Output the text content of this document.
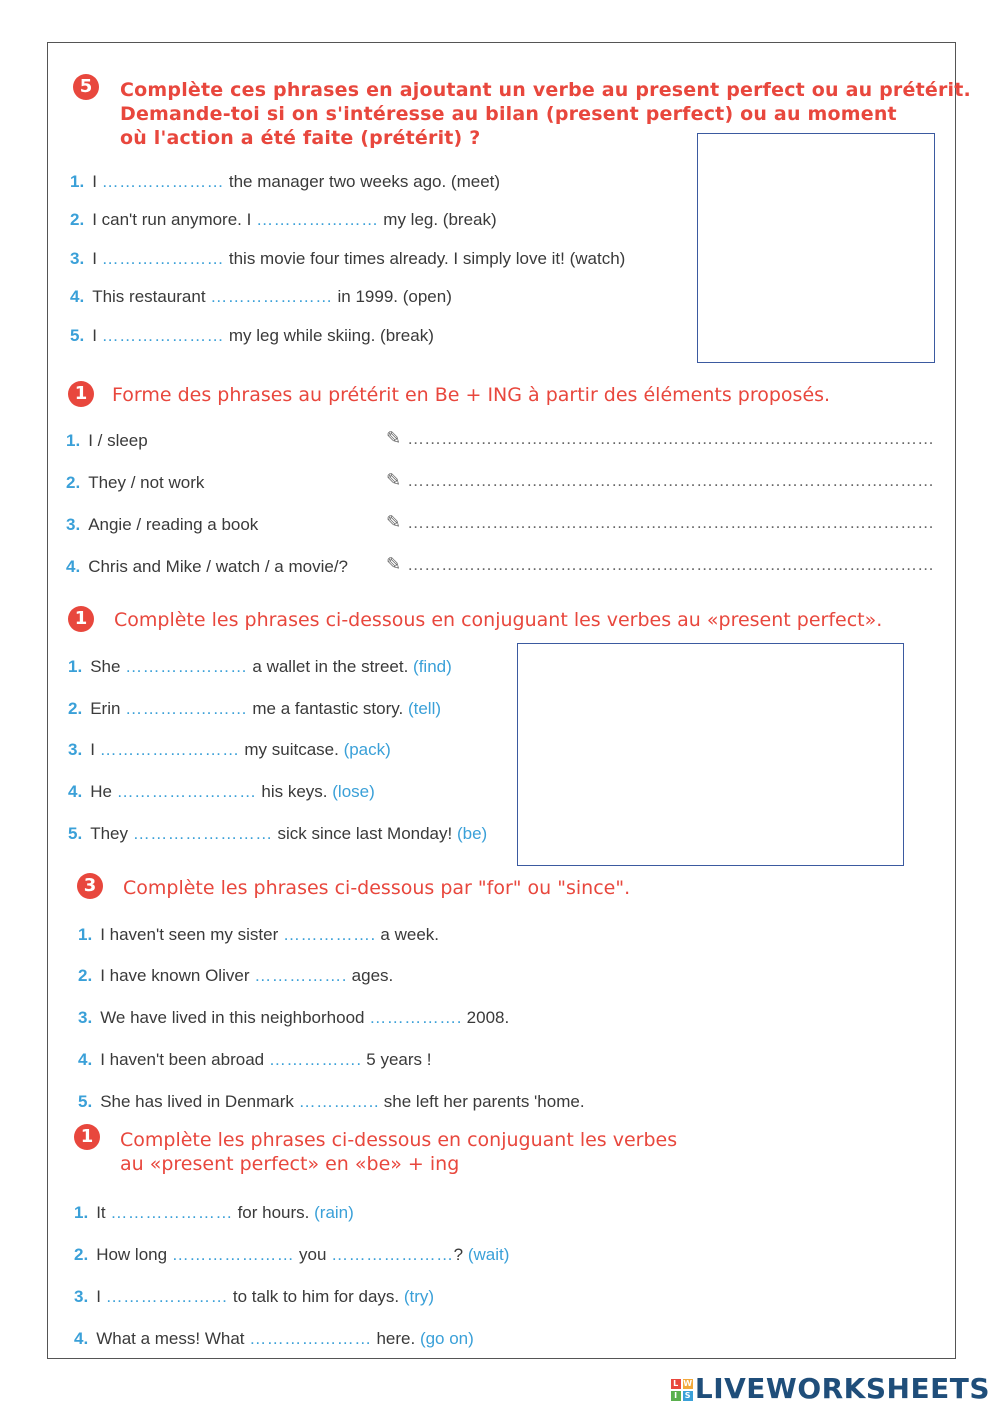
5	Complète ces phrases en ajoutant un verbe au present perfect ou au prétérit.
Demande-toi si on s'intéresse au bilan (present perfect) ou au moment
où l'action a été faite (prétérit) ?
1. I ………………… the manager two weeks ago. (meet)
2. I can't run anymore. I ………………… my leg. (break)
3. I ………………… this movie four times already. I simply love it! (watch)
4. This restaurant ………………… in 1999. (open)
5. I ………………… my leg while skiing. (break)
1	Forme des phrases au prétérit en Be + ING à partir des éléments proposés.
1. I / sleep	✎ …………………………………………………………………………………
2. They / not work	✎ …………………………………………………………………………………
3. Angie / reading a book	✎ …………………………………………………………………………………
4. Chris and Mike / watch / a movie/? ✎ …………………………………………………………………………………
1	Complète les phrases ci-dessous en conjuguant les verbes au «present perfect».
1. She ………………… a wallet in the street. (find)
2. Erin ………………… me a fantastic story. (tell)
3. I …………………… my suitcase. (pack)
4. He …………………… his keys. (lose)
5. They …………………… sick since last Monday! (be)
3	Complète les phrases ci-dessous par "for" ou "since".
1. I haven't seen my sister ……………. a week.
2. I have known Oliver ……………. ages.
3. We have lived in this neighborhood ……………. 2008.
4. I haven't been abroad ……………. 5 years !
5. She has lived in Denmark ………….. she left her parents 'home.
1	Complète les phrases ci-dessous en conjuguant les verbes
au «present perfect» en «be» + ing
1. It ………………… for hours. (rain)
2. How long ………………… you …………………? (wait)
3. I ………………… to talk to him for days. (try)
4. What a mess! What ………………… here. (go on)
L W
I S LIVEWORKSHEETS
